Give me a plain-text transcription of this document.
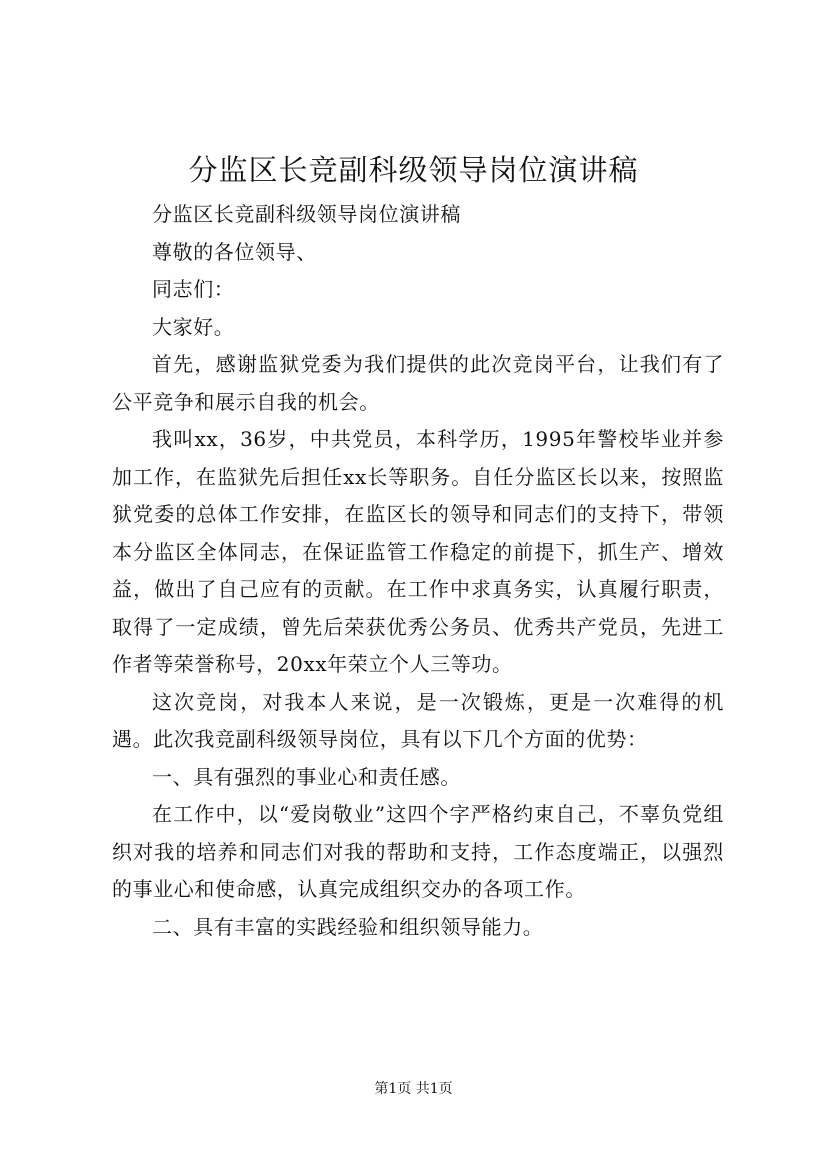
分监区长竞副科级领导岗位演讲稿

分监区长竞副科级领导岗位演讲稿

尊敬的各位领导、

同志们：

大家好。

首先，感谢监狱党委为我们提供的此次竞岗平台，让我们有了公平竞争和展示自我的机会。

我叫xx，36岁，中共党员，本科学历，1995年警校毕业并参加工作，在监狱先后担任xx长等职务。自任分监区长以来，按照监狱党委的总体工作安排，在监区长的领导和同志们的支持下，带领本分监区全体同志，在保证监管工作稳定的前提下，抓生产、增效益，做出了自己应有的贡献。在工作中求真务实，认真履行职责，取得了一定成绩，曾先后荣获优秀公务员、优秀共产党员，先进工作者等荣誉称号，20xx年荣立个人三等功。

这次竞岗，对我本人来说，是一次锻炼，更是一次难得的机遇。此次我竞副科级领导岗位，具有以下几个方面的优势：

一、具有强烈的事业心和责任感。

在工作中，以“爱岗敬业”这四个字严格约束自己，不辜负党组织对我的培养和同志们对我的帮助和支持，工作态度端正，以强烈的事业心和使命感，认真完成组织交办的各项工作。

二、具有丰富的实践经验和组织领导能力。

第1页 共1页
